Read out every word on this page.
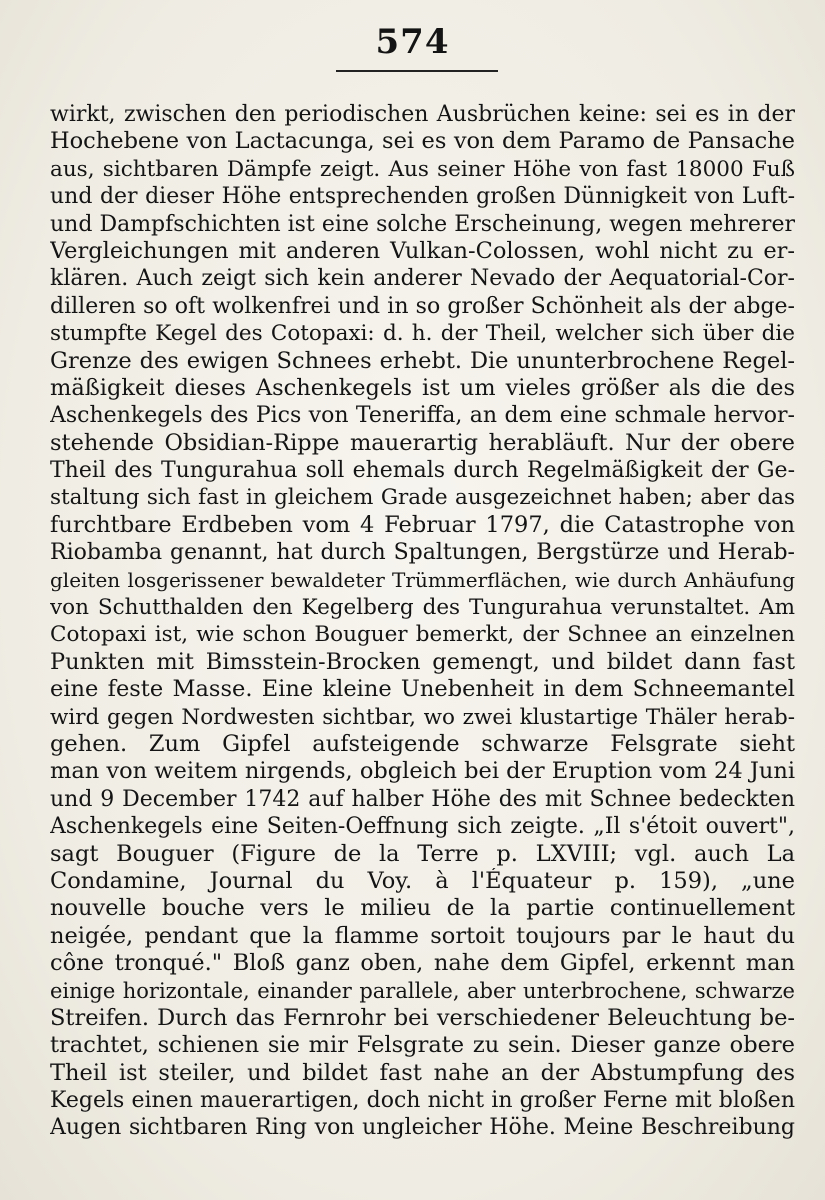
574
wirkt, zwischen den periodischen Ausbrüchen keine: sei es in der
Hochebene von Lactacunga, sei es von dem Paramo de Pansache
aus, sichtbaren Dämpfe zeigt. Aus seiner Höhe von fast 18000 Fuß
und der dieser Höhe entsprechenden großen Dünnigkeit von Luft-
und Dampfschichten ist eine solche Erscheinung, wegen mehrerer
Vergleichungen mit anderen Vulkan-Colossen, wohl nicht zu er-
klären. Auch zeigt sich kein anderer Nevado der Aequatorial-Cor-
dilleren so oft wolkenfrei und in so großer Schönheit als der abge-
stumpfte Kegel des Cotopaxi: d. h. der Theil, welcher sich über die
Grenze des ewigen Schnees erhebt. Die ununterbrochene Regel-
mäßigkeit dieses Aschenkegels ist um vieles größer als die des
Aschenkegels des Pics von Teneriffa, an dem eine schmale hervor-
stehende Obsidian-Rippe mauerartig herabläuft. Nur der obere
Theil des Tungurahua soll ehemals durch Regelmäßigkeit der Ge-
staltung sich fast in gleichem Grade ausgezeichnet haben; aber das
furchtbare Erdbeben vom 4 Februar 1797, die Catastrophe von
Riobamba genannt, hat durch Spaltungen, Bergstürze und Herab-
gleiten losgerissener bewaldeter Trümmerflächen, wie durch Anhäufung
von Schutthalden den Kegelberg des Tungurahua verunstaltet. Am
Cotopaxi ist, wie schon Bouguer bemerkt, der Schnee an einzelnen
Punkten mit Bimsstein-Brocken gemengt, und bildet dann fast
eine feste Masse. Eine kleine Unebenheit in dem Schneemantel
wird gegen Nordwesten sichtbar, wo zwei klustartige Thäler herab-
gehen. Zum Gipfel aufsteigende schwarze Felsgrate sieht
man von weitem nirgends, obgleich bei der Eruption vom 24 Juni
und 9 December 1742 auf halber Höhe des mit Schnee bedeckten
Aschenkegels eine Seiten-Oeffnung sich zeigte. „Il s'étoit ouvert",
sagt Bouguer (Figure de la Terre p. LXVIII; vgl. auch La
Condamine, Journal du Voy. à l'Équateur p. 159), „une
nouvelle bouche vers le milieu de la partie continuellement
neigée, pendant que la flamme sortoit toujours par le haut du
cône tronqué." Bloß ganz oben, nahe dem Gipfel, erkennt man
einige horizontale, einander parallele, aber unterbrochene, schwarze
Streifen. Durch das Fernrohr bei verschiedener Beleuchtung be-
trachtet, schienen sie mir Felsgrate zu sein. Dieser ganze obere
Theil ist steiler, und bildet fast nahe an der Abstumpfung des
Kegels einen mauerartigen, doch nicht in großer Ferne mit bloßen
Augen sichtbaren Ring von ungleicher Höhe. Meine Beschreibung
